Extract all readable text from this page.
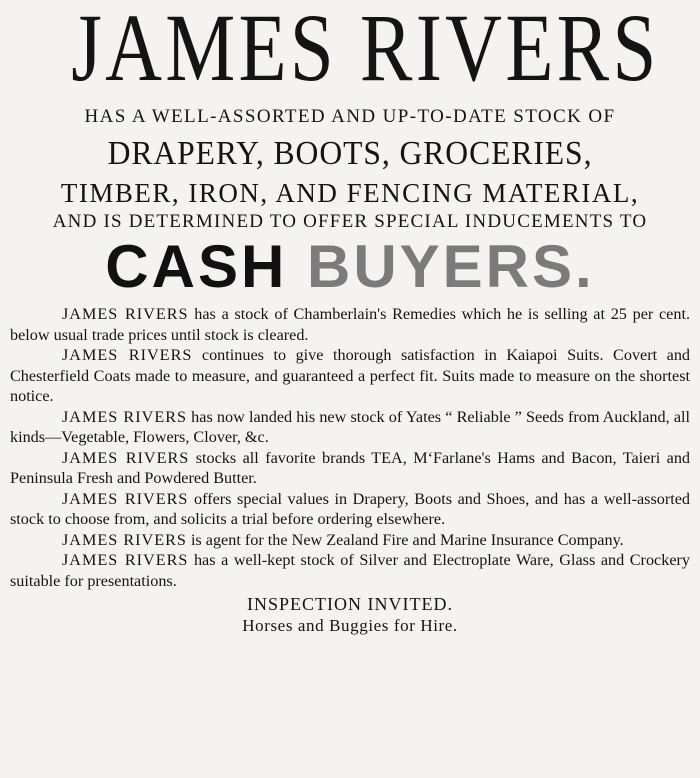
JAMES RIVERS
HAS A WELL-ASSORTED AND UP-TO-DATE STOCK OF
DRAPERY, BOOTS, GROCERIES,
TIMBER, IRON, AND FENCING MATERIAL,
AND IS DETERMINED TO OFFER SPECIAL INDUCEMENTS TO
CASH BUYERS.

JAMES RIVERS has a stock of Chamberlain's Remedies which he is selling at 25 per cent. below usual trade prices until stock is cleared.

JAMES RIVERS continues to give thorough satisfaction in Kaiapoi Suits. Covert and Chesterfield Coats made to measure, and guaranteed a perfect fit. Suits made to measure on the shortest notice.

JAMES RIVERS has now landed his new stock of Yates “ Reliable ” Seeds from Auckland, all kinds—Vegetable, Flowers, Clover, &c.

JAMES RIVERS stocks all favorite brands TEA, M‘Farlane's Hams and Bacon, Taieri and Peninsula Fresh and Powdered Butter.

JAMES RIVERS offers special values in Drapery, Boots and Shoes, and has a well-assorted stock to choose from, and solicits a trial before ordering elsewhere.

JAMES RIVERS is agent for the New Zealand Fire and Marine Insurance Company.

JAMES RIVERS has a well-kept stock of Silver and Electroplate Ware, Glass and Crockery suitable for presentations.

INSPECTION INVITED.
Horses and Buggies for Hire.
